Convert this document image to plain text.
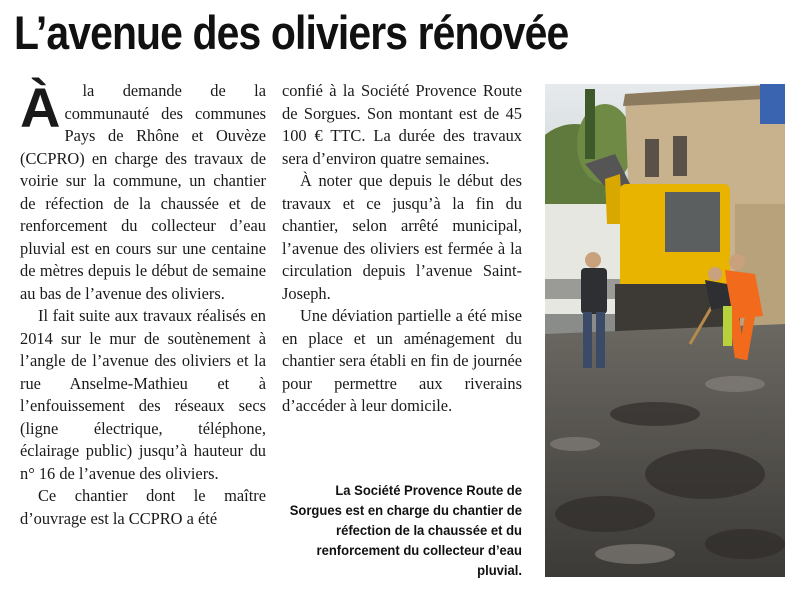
L’avenue des oliviers rénovée

À la demande de la communauté des communes Pays de Rhône et Ouvèze (CCPRO) en charge des travaux de voirie sur la commune, un chantier de réfection de la chaussée et de renforcement du collecteur d’eau pluvial est en cours sur une centaine de mètres depuis le début de semaine au bas de l’avenue des oliviers.

Il fait suite aux travaux réalisés en 2014 sur le mur de soutènement à l’angle de l’avenue des oliviers et la rue Anselme-Mathieu et à l’enfouissement des réseaux secs (ligne électrique, téléphone, éclairage public) jusqu’à hauteur du n° 16 de l’avenue des oliviers.

Ce chantier dont le maître d’ouvrage est la CCPRO a été

confié à la Société Provence Route de Sorgues. Son montant est de 45 100 € TTC. La durée des travaux sera d’environ quatre semaines.

À noter que depuis le début des travaux et ce jusqu’à la fin du chantier, selon arrêté municipal, l’avenue des oliviers est fermée à la circulation depuis l’avenue Saint-Joseph.

Une déviation partielle a été mise en place et un aménagement du chantier sera établi en fin de journée pour permettre aux riverains d’accéder à leur domicile.

La Société Provence Route de Sorgues est en charge du chantier de réfection de la chaussée et du renforcement du collecteur d’eau pluvial.
